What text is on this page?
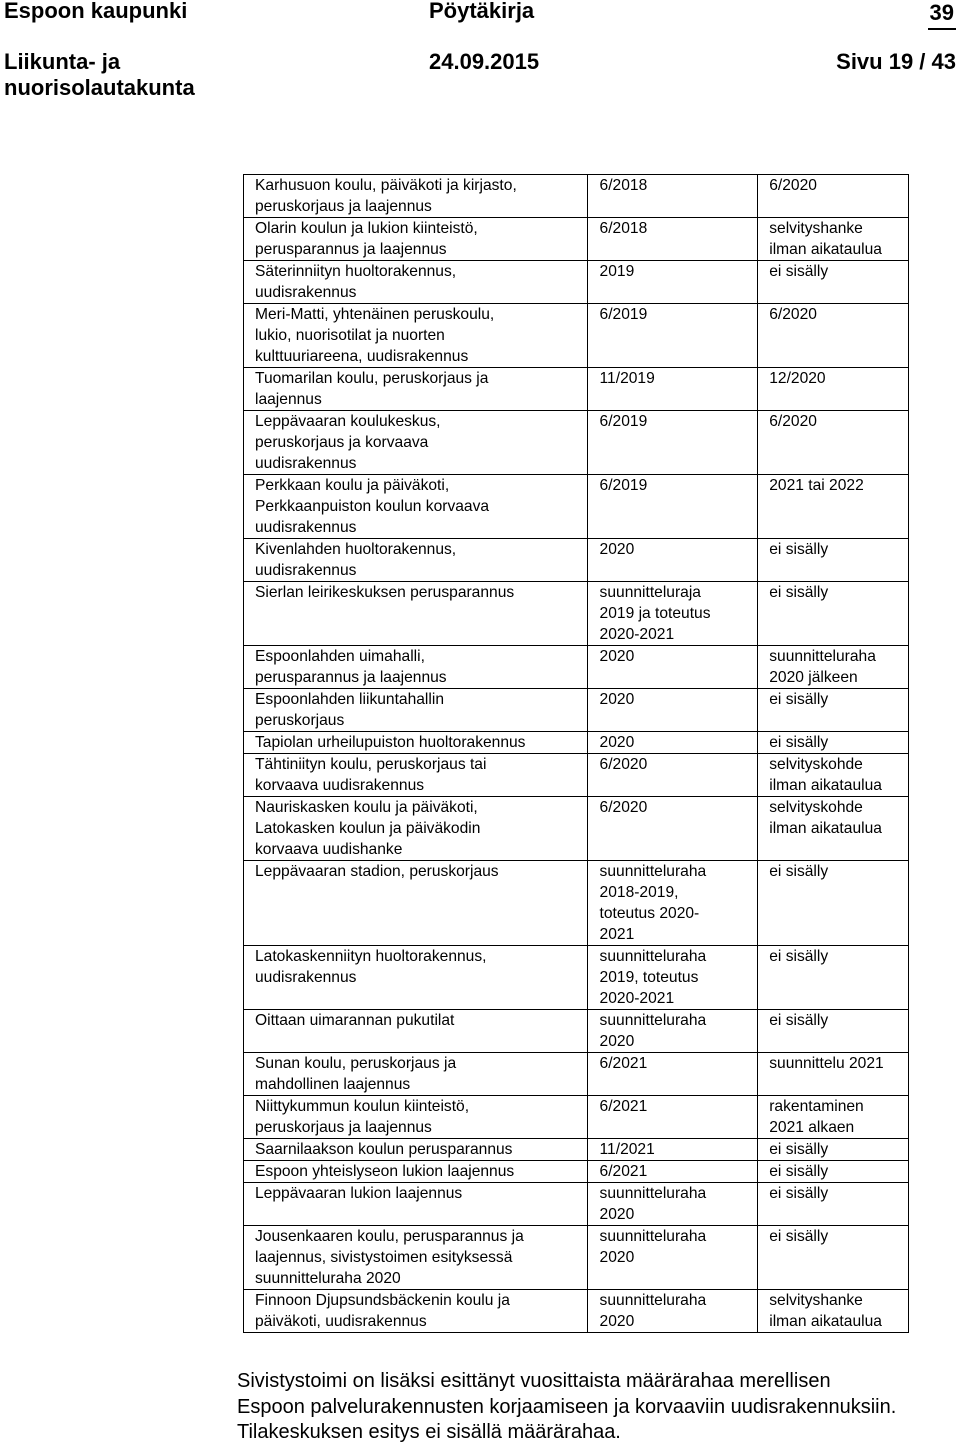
Espoon kaupunki	Pöytäkirja	39
Liikunta- ja
nuorisolautakunta
24.09.2015	Sivu 19 / 43
Karhusuon koulu, päiväkoti ja kirjasto,
peruskorjaus ja laajennus	6/2018	6/2020

Olarin koulun ja lukion kiinteistö,
perusparannus ja laajennus	6/2018	selvityshanke
ilman aikataulua

Säterinniityn huoltorakennus,
uudisrakennus	2019	ei sisälly

Meri-Matti, yhtenäinen peruskoulu,
lukio, nuorisotilat ja nuorten
kulttuuriareena, uudisrakennus	6/2019	6/2020

Tuomarilan koulu, peruskorjaus ja
laajennus	11/2019	12/2020

Leppävaaran koulukeskus,
peruskorjaus ja korvaava
uudisrakennus	6/2019	6/2020

Perkkaan koulu ja päiväkoti,
Perkkaanpuiston koulun korvaava
uudisrakennus	6/2019	2021 tai 2022

Kivenlahden huoltorakennus,
uudisrakennus	2020	ei sisälly

Sierlan leirikeskuksen perusparannus	suunnitteluraja
2019 ja toteutus
2020-2021	ei sisälly

Espoonlahden uimahalli,
perusparannus ja laajennus	2020	suunnitteluraha
2020 jälkeen

Espoonlahden liikuntahallin
peruskorjaus	2020	ei sisälly

Tapiolan urheilupuiston huoltorakennus	2020	ei sisälly

Tähtiniityn koulu, peruskorjaus tai
korvaava uudisrakennus	6/2020	selvityskohde
ilman aikataulua

Nauriskasken koulu ja päiväkoti,
Latokasken koulun ja päiväkodin
korvaava uudishanke	6/2020	selvityskohde
ilman aikataulua

Leppävaaran stadion, peruskorjaus	suunnitteluraha
2018-2019,
toteutus 2020-
2021	ei sisälly

Latokaskenniityn huoltorakennus,
uudisrakennus	suunnitteluraha
2019, toteutus
2020-2021	ei sisälly

Oittaan uimarannan pukutilat	suunnitteluraha
2020	ei sisälly

Sunan koulu, peruskorjaus ja
mahdollinen laajennus	6/2021	suunnittelu 2021

Niittykummun koulun kiinteistö,
peruskorjaus ja laajennus	6/2021	rakentaminen
2021 alkaen

Saarnilaakson koulun perusparannus	11/2021	ei sisälly

Espoon yhteislyseon lukion laajennus	6/2021	ei sisälly

Leppävaaran lukion laajennus	suunnitteluraha
2020	ei sisälly

Jousenkaaren koulu, perusparannus ja
laajennus, sivistystoimen esityksessä
suunnitteluraha 2020	suunnitteluraha
2020	ei sisälly

Finnoon Djupsundsbäckenin koulu ja
päiväkoti, uudisrakennus	suunnitteluraha
2020	selvityshanke
ilman aikataulua
Sivistystoimi on lisäksi esittänyt vuosittaista määrärahaa merellisen
Espoon palvelurakennusten korjaamiseen ja korvaaviin uudisrakennuksiin.
Tilakeskuksen esitys ei sisällä määrärahaa.
